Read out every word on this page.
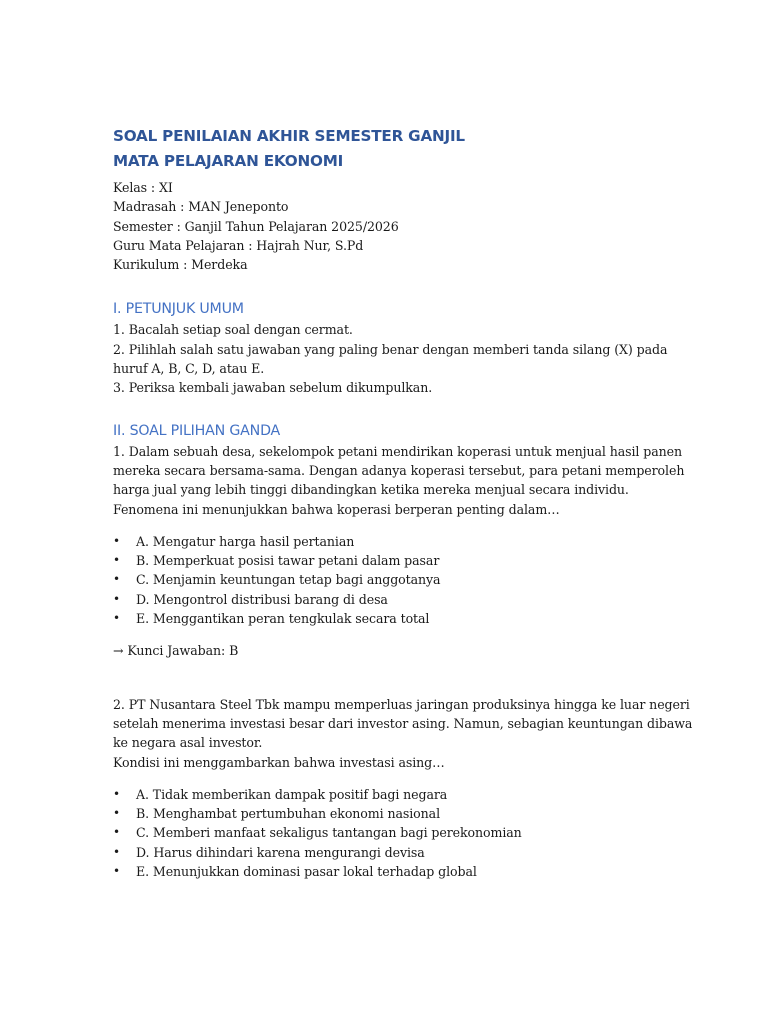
SOAL PENILAIAN AKHIR SEMESTER GANJIL
MATA PELAJARAN EKONOMI
Kelas : XI
Madrasah : MAN Jeneponto
Semester : Ganjil Tahun Pelajaran 2025/2026
Guru Mata Pelajaran : Hajrah Nur, S.Pd
Kurikulum : Merdeka
I. PETUNJUK UMUM
1. Bacalah setiap soal dengan cermat.
2. Pilihlah salah satu jawaban yang paling benar dengan memberi tanda silang (X) pada
huruf A, B, C, D, atau E.
3. Periksa kembali jawaban sebelum dikumpulkan.
II. SOAL PILIHAN GANDA
1. Dalam sebuah desa, sekelompok petani mendirikan koperasi untuk menjual hasil panen
mereka secara bersama-sama. Dengan adanya koperasi tersebut, para petani memperoleh
harga jual yang lebih tinggi dibandingkan ketika mereka menjual secara individu.
Fenomena ini menunjukkan bahwa koperasi berperan penting dalam…
• A. Mengatur harga hasil pertanian
• B. Memperkuat posisi tawar petani dalam pasar
• C. Menjamin keuntungan tetap bagi anggotanya
• D. Mengontrol distribusi barang di desa
• E. Menggantikan peran tengkulak secara total
→ Kunci Jawaban: B
2. PT Nusantara Steel Tbk mampu memperluas jaringan produksinya hingga ke luar negeri
setelah menerima investasi besar dari investor asing. Namun, sebagian keuntungan dibawa
ke negara asal investor.
Kondisi ini menggambarkan bahwa investasi asing…
• A. Tidak memberikan dampak positif bagi negara
• B. Menghambat pertumbuhan ekonomi nasional
• C. Memberi manfaat sekaligus tantangan bagi perekonomian
• D. Harus dihindari karena mengurangi devisa
• E. Menunjukkan dominasi pasar lokal terhadap global
